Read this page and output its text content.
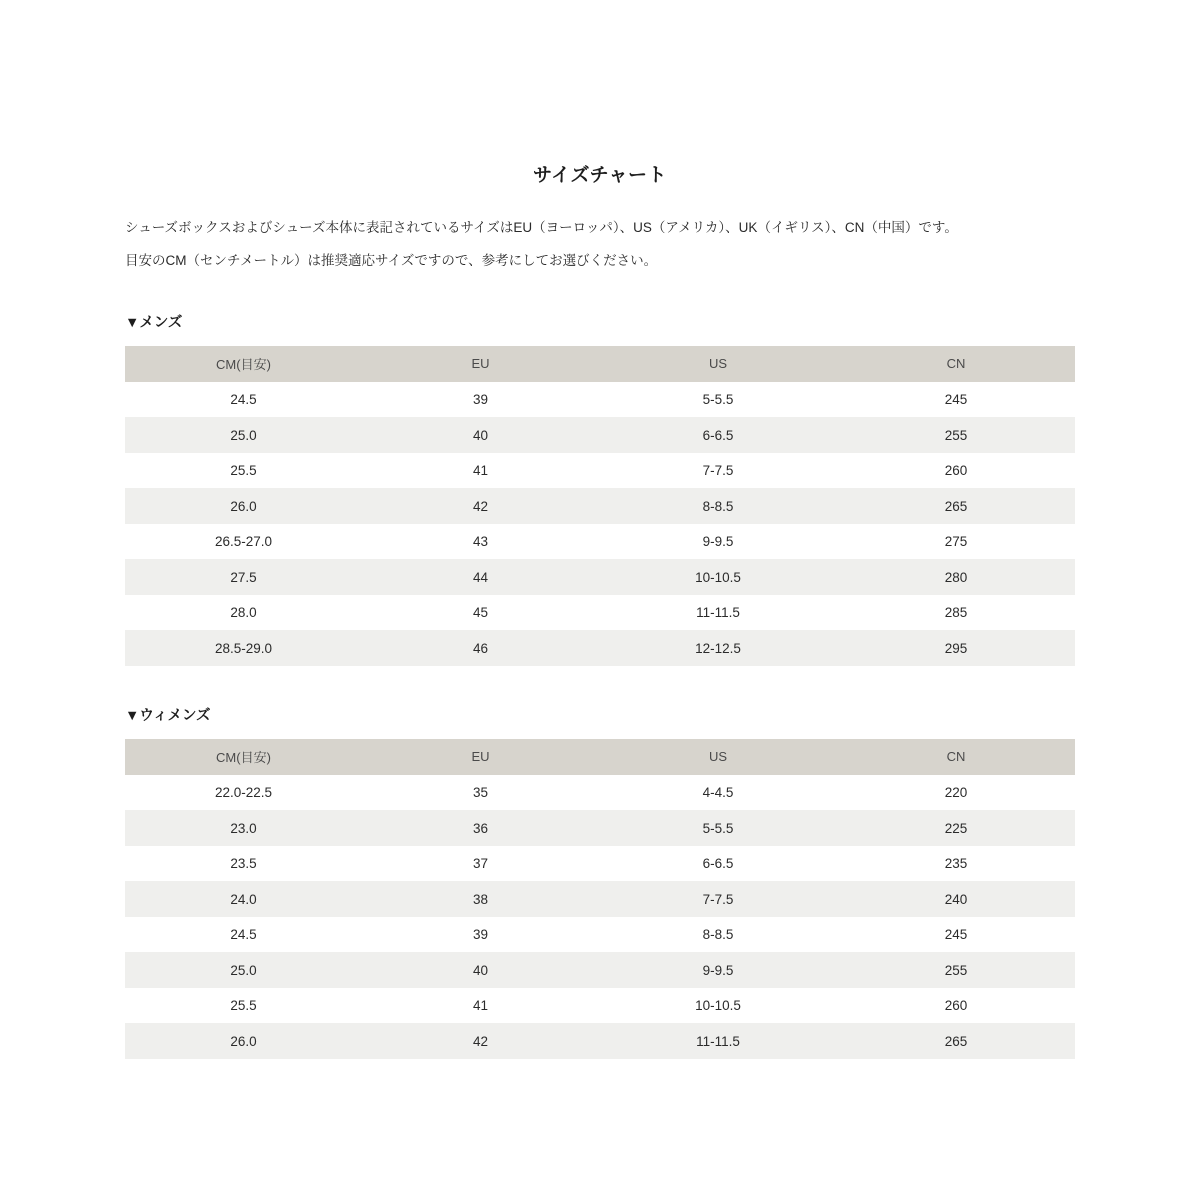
サイズチャート

シューズボックスおよびシューズ本体に表記されているサイズはEU（ヨーロッパ）、US（アメリカ）、UK（イギリス）、CN（中国）です。

目安のCM（センチメートル）は推奨適応サイズですので、参考にしてお選びください。

▼メンズ
CM(目安)	EU	US	CN
24.5	39	5-5.5	245
25.0	40	6-6.5	255
25.5	41	7-7.5	260
26.0	42	8-8.5	265
26.5-27.0	43	9-9.5	275
27.5	44	10-10.5	280
28.0	45	11-11.5	285
28.5-29.0	46	12-12.5	295
▼ウィメンズ
CM(目安)	EU	US	CN
22.0-22.5	35	4-4.5	220
23.0	36	5-5.5	225
23.5	37	6-6.5	235
24.0	38	7-7.5	240
24.5	39	8-8.5	245
25.0	40	9-9.5	255
25.5	41	10-10.5	260
26.0	42	11-11.5	265
